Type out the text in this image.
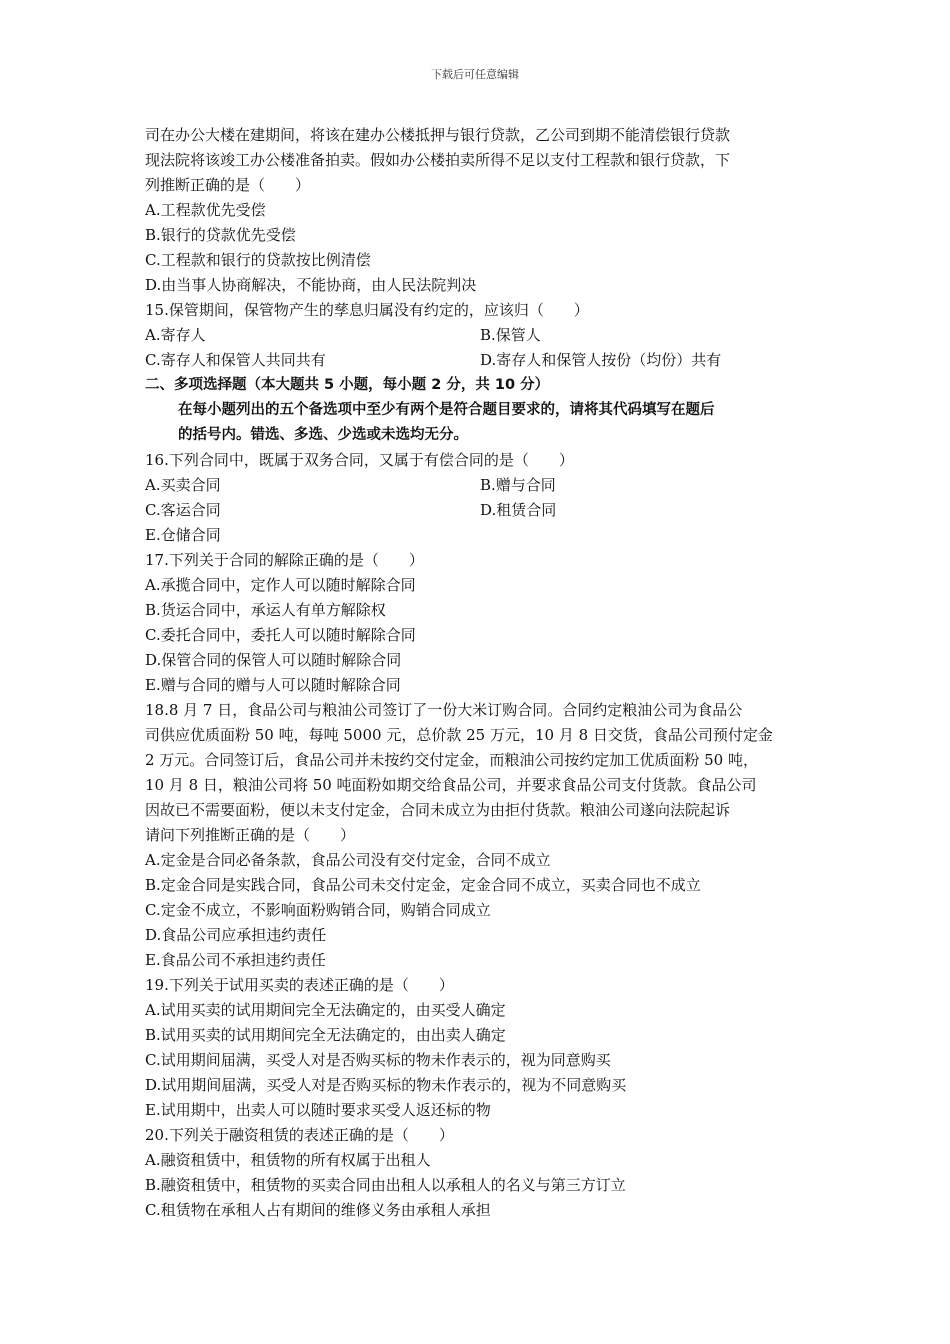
下载后可任意编辑
司在办公大楼在建期间，将该在建办公楼抵押与银行贷款，乙公司到期不能清偿银行贷款
现法院将该竣工办公楼准备拍卖。假如办公楼拍卖所得不足以支付工程款和银行贷款，下
列推断正确的是（　　）
A.工程款优先受偿
B.银行的贷款优先受偿
C.工程款和银行的贷款按比例清偿
D.由当事人协商解决，不能协商，由人民法院判决
15.保管期间，保管物产生的孳息归属没有约定的，应该归（　　）
A.寄存人	B.保管人
C.寄存人和保管人共同共有	D.寄存人和保管人按份（均份）共有
二、多项选择题（本大题共 5 小题，每小题 2 分，共 10 分）
在每小题列出的五个备选项中至少有两个是符合题目要求的，请将其代码填写在题后
的括号内。错选、多选、少选或未选均无分。
16.下列合同中，既属于双务合同，又属于有偿合同的是（　　）
A.买卖合同	B.赠与合同
C.客运合同	D.租赁合同
E.仓储合同
17.下列关于合同的解除正确的是（　　）
A.承揽合同中，定作人可以随时解除合同
B.货运合同中，承运人有单方解除权
C.委托合同中，委托人可以随时解除合同
D.保管合同的保管人可以随时解除合同
E.赠与合同的赠与人可以随时解除合同
18.8 月 7 日，食品公司与粮油公司签订了一份大米订购合同。合同约定粮油公司为食品公
司供应优质面粉 50 吨，每吨 5000 元，总价款 25 万元，10 月 8 日交货，食品公司预付定金
2 万元。合同签订后，食品公司并未按约交付定金，而粮油公司按约定加工优质面粉 50 吨，
10 月 8 日，粮油公司将 50 吨面粉如期交给食品公司，并要求食品公司支付货款。食品公司
因故已不需要面粉，便以未支付定金，合同未成立为由拒付货款。粮油公司遂向法院起诉
请问下列推断正确的是（　　）
A.定金是合同必备条款，食品公司没有交付定金，合同不成立
B.定金合同是实践合同，食品公司未交付定金，定金合同不成立，买卖合同也不成立
C.定金不成立，不影响面粉购销合同，购销合同成立
D.食品公司应承担违约责任
E.食品公司不承担违约责任
19.下列关于试用买卖的表述正确的是（　　）
A.试用买卖的试用期间完全无法确定的，由买受人确定
B.试用买卖的试用期间完全无法确定的，由出卖人确定
C.试用期间届满，买受人对是否购买标的物未作表示的，视为同意购买
D.试用期间届满，买受人对是否购买标的物未作表示的，视为不同意购买
E.试用期中，出卖人可以随时要求买受人返还标的物
20.下列关于融资租赁的表述正确的是（　　）
A.融资租赁中，租赁物的所有权属于出租人
B.融资租赁中，租赁物的买卖合同由出租人以承租人的名义与第三方订立
C.租赁物在承租人占有期间的维修义务由承租人承担
